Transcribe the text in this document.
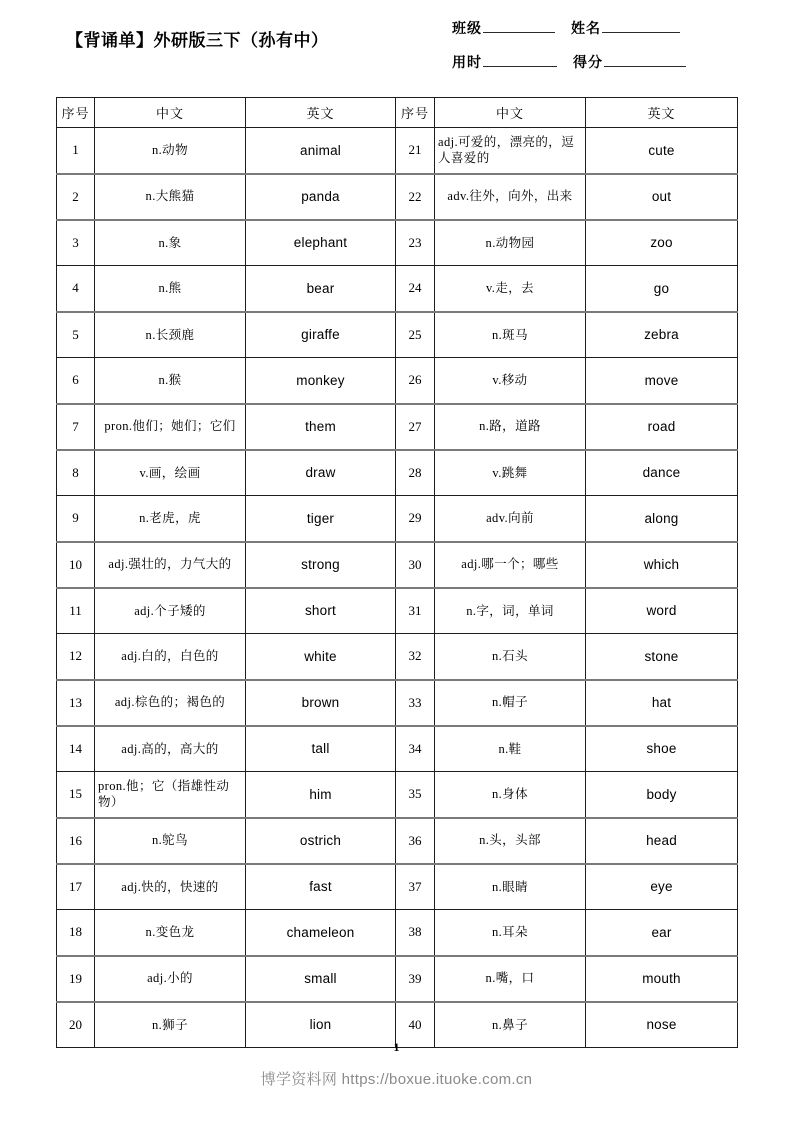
【背诵单】外研版三下（孙有中）
班级	姓名
用时	得分
序号	中文	英文	序号	中文	英文
1	n.动物	animal	21	adj.可爱的，漂亮的，逗人喜爱的	cute
2	n.大熊猫	panda	22	adv.往外，向外，出来	out
3	n.象	elephant	23	n.动物园	zoo
4	n.熊	bear	24	v.走，去	go
5	n.长颈鹿	giraffe	25	n.斑马	zebra
6	n.猴	monkey	26	v.移动	move
7	pron.他们；她们；它们	them	27	n.路，道路	road
8	v.画，绘画	draw	28	v.跳舞	dance
9	n.老虎，虎	tiger	29	adv.向前	along
10	adj.强壮的，力气大的	strong	30	adj.哪一个；哪些	which
11	adj.个子矮的	short	31	n.字，词，单词	word
12	adj.白的，白色的	white	32	n.石头	stone
13	adj.棕色的；褐色的	brown	33	n.帽子	hat
14	adj.高的，高大的	tall	34	n.鞋	shoe
15	pron.他；它（指雄性动物）	him	35	n.身体	body
16	n.鸵鸟	ostrich	36	n.头，头部	head
17	adj.快的，快速的	fast	37	n.眼睛	eye
18	n.变色龙	chameleon	38	n.耳朵	ear
19	adj.小的	small	39	n.嘴，口	mouth
20	n.狮子	lion	40	n.鼻子	nose
1
博学资料网 https://boxue.ituoke.com.cn
